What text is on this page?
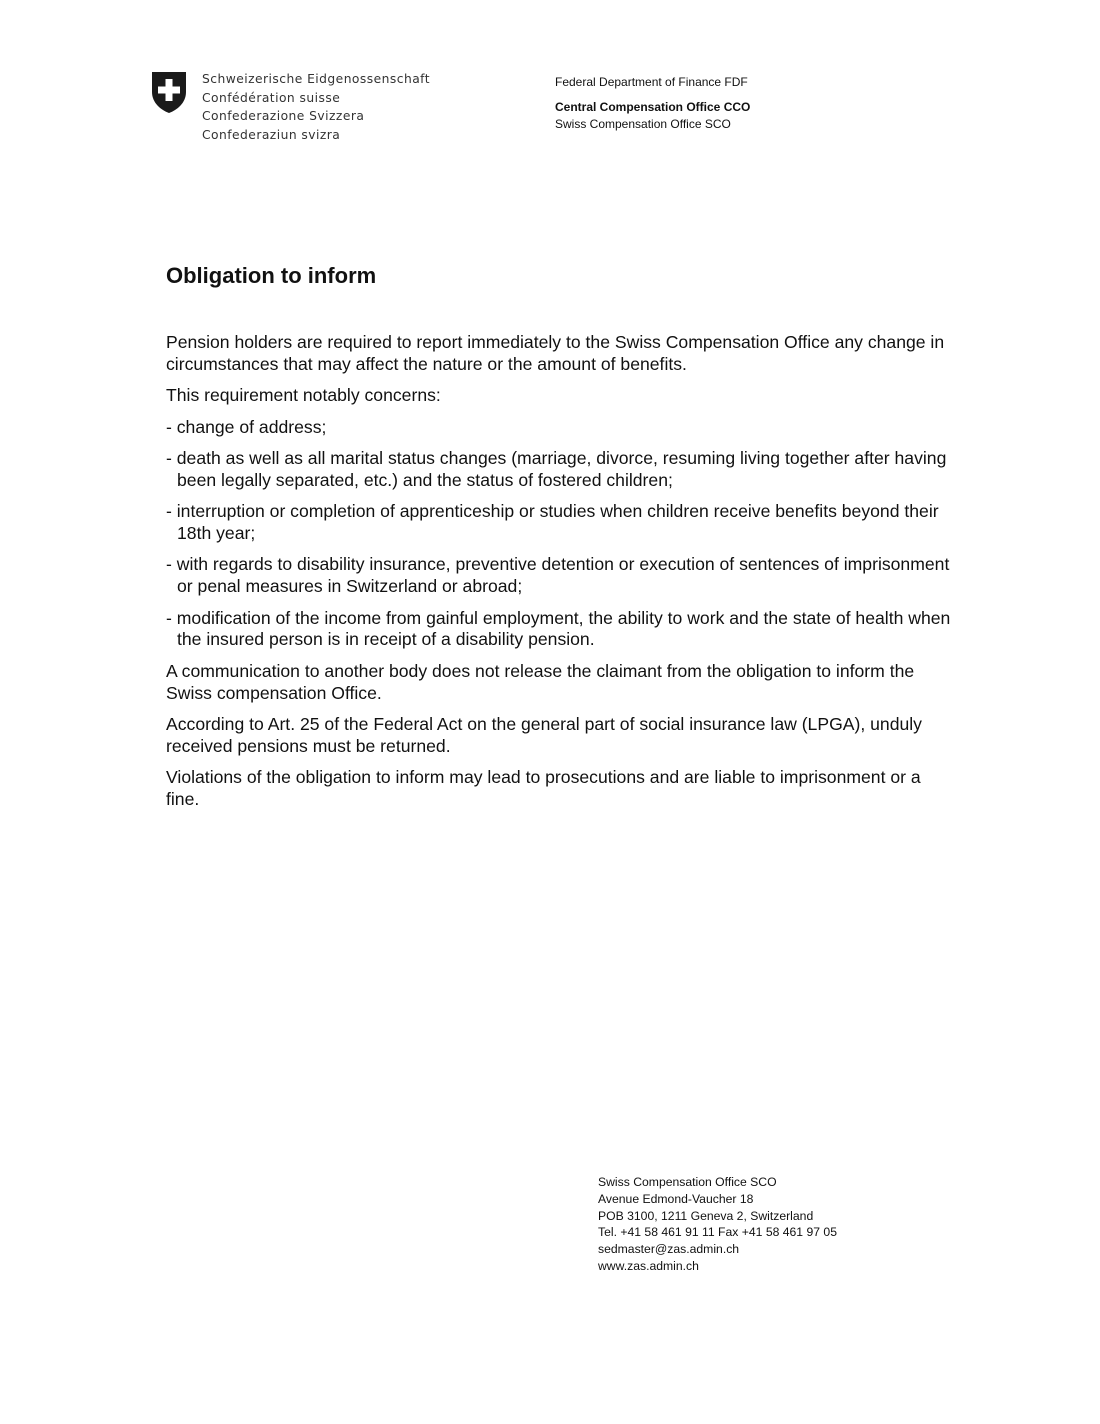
Schweizerische Eidgenossenschaft
Confédération suisse
Confederazione Svizzera
Confederaziun svizra
Federal Department of Finance FDF
Central Compensation Office CCO
Swiss Compensation Office SCO
Obligation to inform

Pension holders are required to report immediately to the Swiss Compensation Office any change in circumstances that may affect the nature or the amount of benefits.

This requirement notably concerns:

- change of address;
- death as well as all marital status changes (marriage, divorce, resuming living together after having been legally separated, etc.) and the status of fostered children;
- interruption or completion of apprenticeship or studies when children receive benefits beyond their 18th year;
- with regards to disability insurance, preventive detention or execution of sentences of imprisonment or penal measures in Switzerland or abroad;
- modification of the income from gainful employment, the ability to work and the state of health when the insured person is in receipt of a disability pension.

A communication to another body does not release the claimant from the obligation to inform the Swiss compensation Office.

According to Art. 25 of the Federal Act on the general part of social insurance law (LPGA), unduly received pensions must be returned.

Violations of the obligation to inform may lead to prosecutions and are liable to imprisonment or a fine.

Swiss Compensation Office SCO
Avenue Edmond-Vaucher 18
POB 3100, 1211 Geneva 2, Switzerland
Tel. +41 58 461 91 11 Fax +41 58 461 97 05
sedmaster@zas.admin.ch
www.zas.admin.ch
